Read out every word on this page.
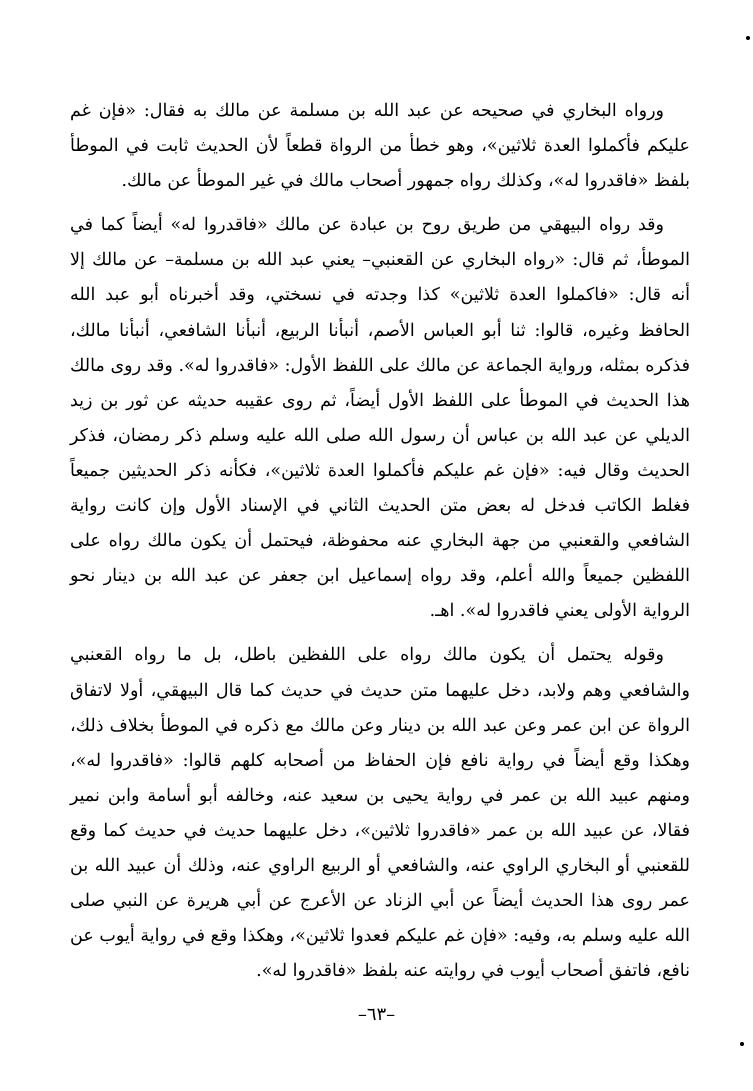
ورواه البخاري في صحيحه عن عبد الله بن مسلمة عن مالك به فقال: «فإن غم عليكم فأكملوا العدة ثلاثين»، وهو خطأ من الرواة قطعاً لأن الحديث ثابت في الموطأ بلفظ «فاقدروا له»، وكذلك رواه جمهور أصحاب مالك في غير الموطأ عن مالك.

وقد رواه البيهقي من طريق روح بن عبادة عن مالك «فاقدروا له» أيضاً كما في الموطأ، ثم قال: «رواه البخاري عن القعنبي– يعني عبد الله بن مسلمة– عن مالك إلا أنه قال: «فاكملوا العدة ثلاثين» كذا وجدته في نسختي، وقد أخبرناه أبو عبد الله الحافظ وغيره، قالوا: ثنا أبو العباس الأصم، أنبأنا الربيع، أنبأنا الشافعي، أنبأنا مالك، فذكره بمثله، ورواية الجماعة عن مالك على اللفظ الأول: «فاقدروا له». وقد روى مالك هذا الحديث في الموطأ على اللفظ الأول أيضاً، ثم روى عقيبه حديثه عن ثور بن زيد الديلي عن عبد الله بن عباس أن رسول الله صلى الله عليه وسلم ذكر رمضان، فذكر الحديث وقال فيه: «فإن غم عليكم فأكملوا العدة ثلاثين»، فكأنه ذكر الحديثين جميعاً فغلط الكاتب فدخل له بعض متن الحديث الثاني في الإسناد الأول وإن كانت رواية الشافعي والقعنبي من جهة البخاري عنه محفوظة، فيحتمل أن يكون مالك رواه على اللفظين جميعاً والله أعلم، وقد رواه إسماعيل ابن جعفر عن عبد الله بن دينار نحو الرواية الأولى يعني فاقدروا له». اهـ.

وقوله يحتمل أن يكون مالك رواه على اللفظين باطل، بل ما رواه القعنبي والشافعي وهم ولابد، دخل عليهما متن حديث في حديث كما قال البيهقي، أولا لاتفاق الرواة عن ابن عمر وعن عبد الله بن دينار وعن مالك مع ذكره في الموطأ بخلاف ذلك، وهكذا وقع أيضاً في رواية نافع فإن الحفاظ من أصحابه كلهم قالوا: «فاقدروا له»، ومنهم عبيد الله بن عمر في رواية يحيى بن سعيد عنه، وخالفه أبو أسامة وابن نمير فقالا، عن عبيد الله بن عمر «فاقدروا ثلاثين»، دخل عليهما حديث في حديث كما وقع للقعنبي أو البخاري الراوي عنه، والشافعي أو الربيع الراوي عنه، وذلك أن عبيد الله بن عمر روى هذا الحديث أيضاً عن أبي الزناد عن الأعرج عن أبي هريرة عن النبي صلى الله عليه وسلم به، وفيه: «فإن غم عليكم فعدوا ثلاثين»، وهكذا وقع في رواية أيوب عن نافع، فاتفق أصحاب أيوب في روايته عنه بلفظ «فاقدروا له».

–٦٣–
